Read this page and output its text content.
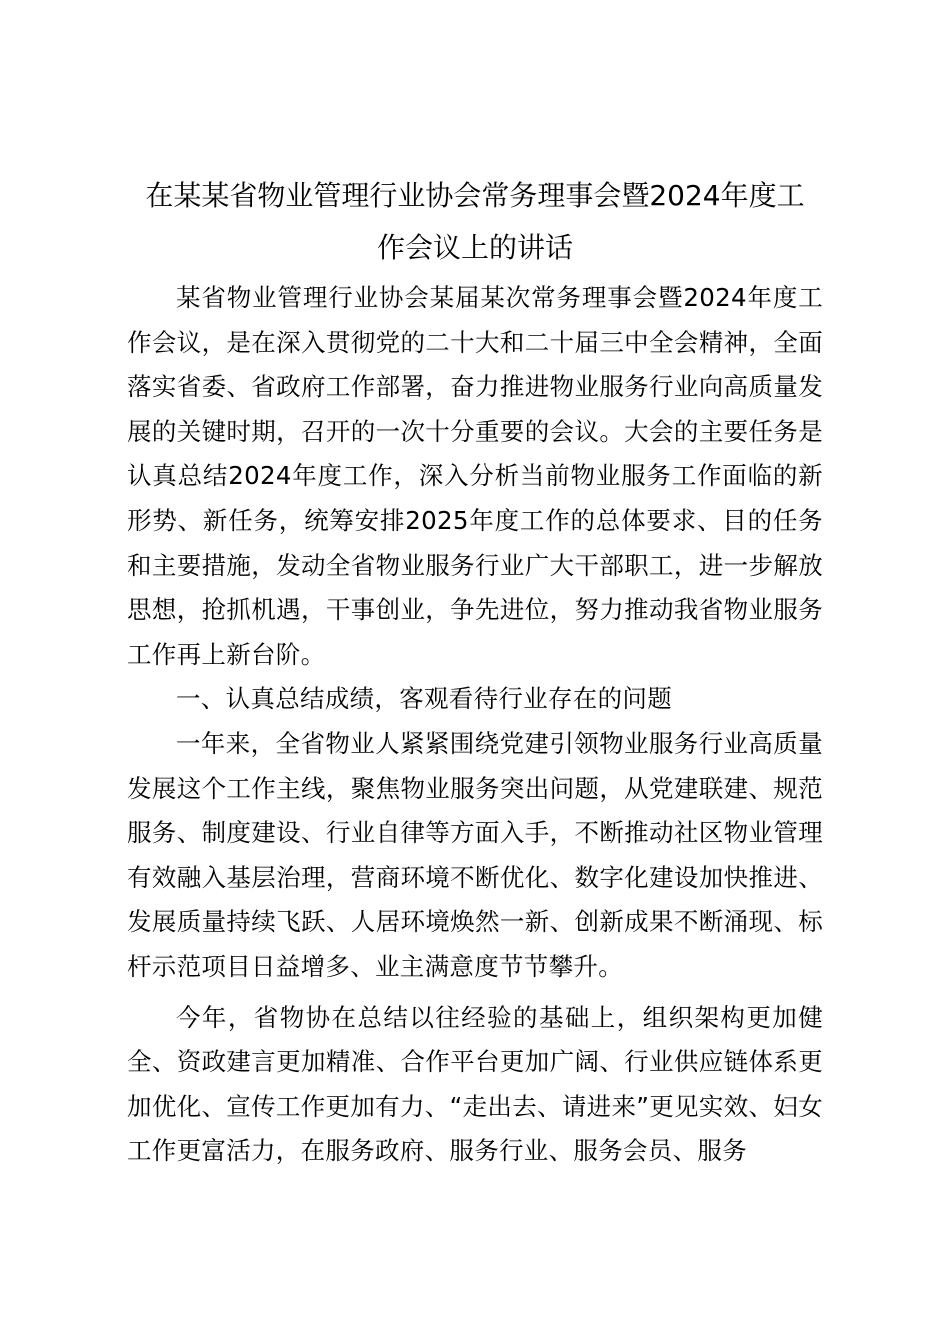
在某某省物业管理行业协会常务理事会暨2024年度工
作会议上的讲话

某省物业管理行业协会某届某次常务理事会暨2024年度工作会议，是在深入贯彻党的二十大和二十届三中全会精神，全面落实省委、省政府工作部署，奋力推进物业服务行业向高质量发展的关键时期，召开的一次十分重要的会议。大会的主要任务是认真总结2024年度工作，深入分析当前物业服务工作面临的新形势、新任务，统筹安排2025年度工作的总体要求、目的任务和主要措施，发动全省物业服务行业广大干部职工，进一步解放思想，抢抓机遇，干事创业，争先进位，努力推动我省物业服务工作再上新台阶。

一、认真总结成绩，客观看待行业存在的问题

一年来，全省物业人紧紧围绕党建引领物业服务行业高质量发展这个工作主线，聚焦物业服务突出问题，从党建联建、规范服务、制度建设、行业自律等方面入手，不断推动社区物业管理有效融入基层治理，营商环境不断优化、数字化建设加快推进、发展质量持续飞跃、人居环境焕然一新、创新成果不断涌现、标杆示范项目日益增多、业主满意度节节攀升。

今年，省物协在总结以往经验的基础上，组织架构更加健全、资政建言更加精准、合作平台更加广阔、行业供应链体系更加优化、宣传工作更加有力、“走出去、请进来”更见实效、妇女工作更富活力，在服务政府、服务行业、服务会员、服务
